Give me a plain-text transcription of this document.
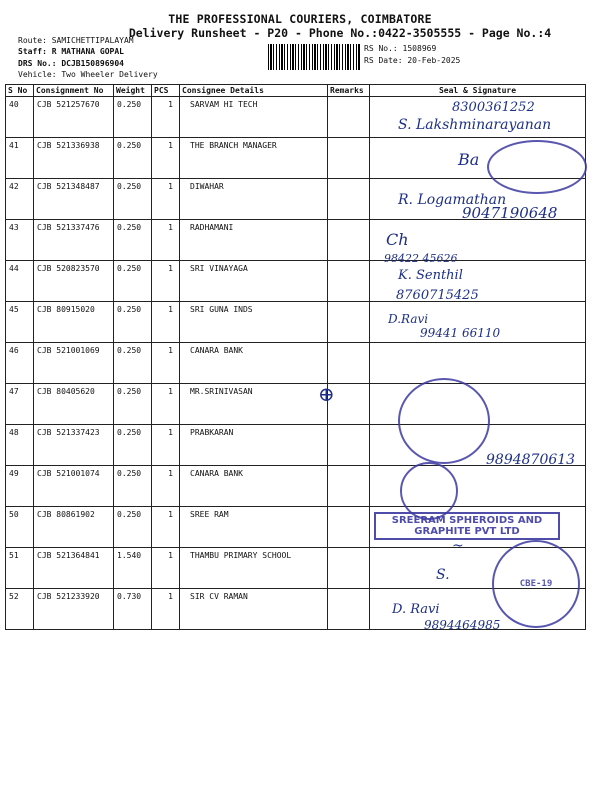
THE PROFESSIONAL COURIERS, COIMBATORE
Delivery Runsheet - P20 - Phone No.:0422-3505555 - Page No.:4
Route: SAMICHETTIPALAYAM
Staff: R MATHANA GOPAL
DRS No.: DCJB150896904
Vehicle: Two Wheeler Delivery
RS No.: 1508969
RS Date: 20-Feb-2025
S No	Consignment No	Weight	PCS	Consignee Details	Remarks	Seal & Signature
40	CJB 521257670	0.250	1	SARVAM HI TECH		
41	CJB 521336938	0.250	1	THE BRANCH MANAGER		
42	CJB 521348487	0.250	1	DIWAHAR		
43	CJB 521337476	0.250	1	RADHAMANI		
44	CJB 520823570	0.250	1	SRI VINAYAGA		
45	CJB 80915020	0.250	1	SRI GUNA INDS		
46	CJB 521001069	0.250	1	CANARA BANK		
47	CJB 80405620	0.250	1	MR.SRINIVASAN		
48	CJB 521337423	0.250	1	PRABKARAN		
49	CJB 521001074	0.250	1	CANARA BANK		
50	CJB 80861902	0.250	1	SREE RAM		
51	CJB 521364841	1.540	1	THAMBU PRIMARY SCHOOL		
52	CJB 521233920	0.730	1	SIR CV RAMAN		
8300361252
S. Lakshminarayanan
Ba
R. Logamathan
9047190648
Ch
98422 45626
K. Senthil
8760715425
D.Ravi
99441 66110
⊕
9894870613
SREERAM SPHEROIDS AND GRAPHITE PVT LTD
~
CBE-19
S.
D. Ravi
9894464985
